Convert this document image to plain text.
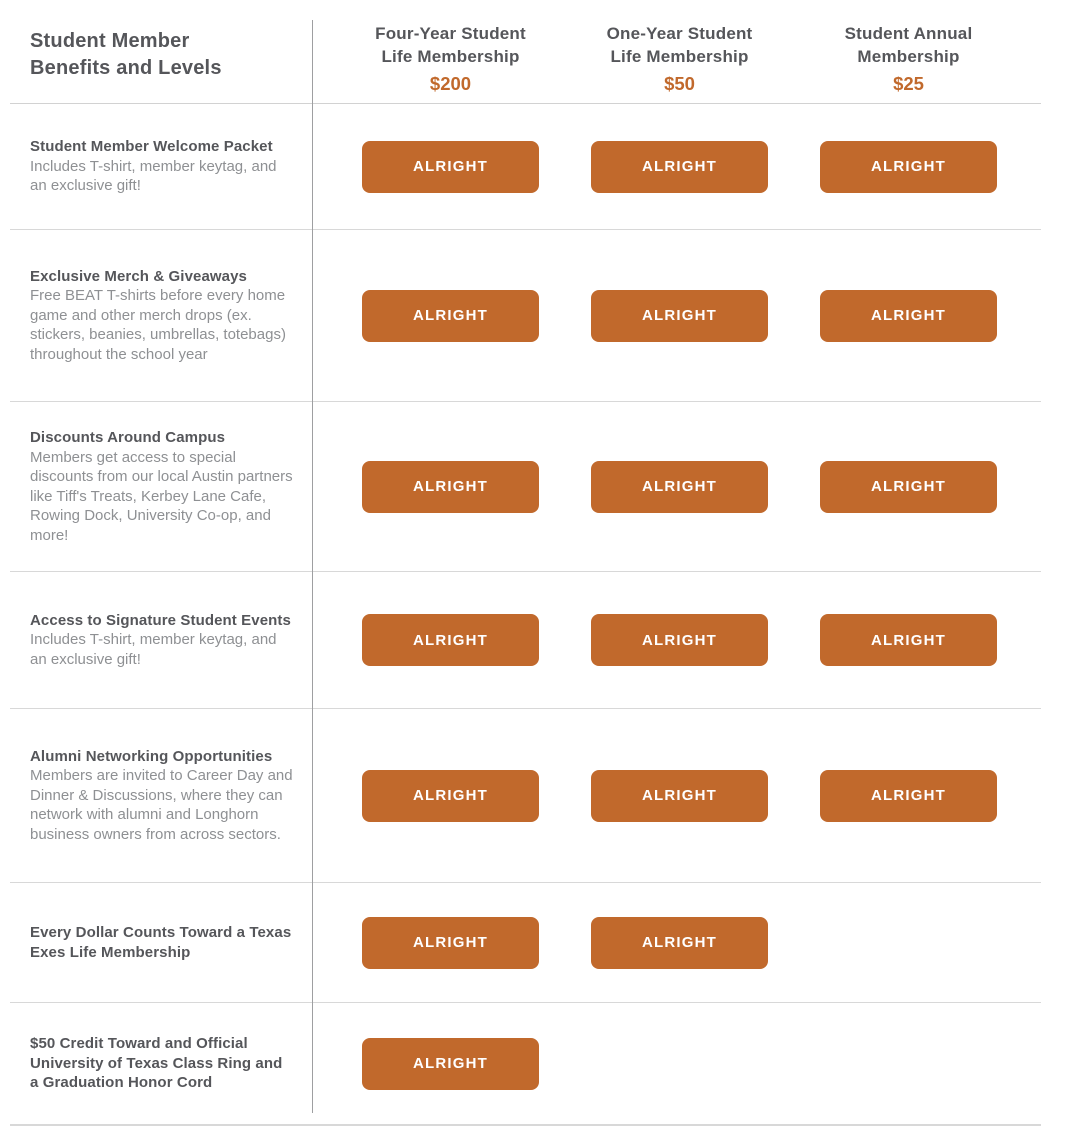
Student Member
Benefits and Levels
Four-Year Student
Life Membership
$200
One-Year Student
Life Membership
$50
Student Annual
Membership
$25
Student Member Welcome Packet
Includes T-shirt, member keytag, and an exclusive gift!
ALRIGHT	ALRIGHT	ALRIGHT
Exclusive Merch & Giveaways
Free BEAT T-shirts before every home game and other merch drops (ex. stickers, beanies, umbrellas, totebags) throughout the school year
ALRIGHT	ALRIGHT	ALRIGHT
Discounts Around Campus
Members get access to special discounts from our local Austin partners like Tiff's Treats, Kerbey Lane Cafe, Rowing Dock, University Co-op, and more!
ALRIGHT	ALRIGHT	ALRIGHT
Access to Signature Student Events
Includes T-shirt, member keytag, and an exclusive gift!
ALRIGHT	ALRIGHT	ALRIGHT
Alumni Networking Opportunities
Members are invited to Career Day and Dinner & Discussions, where they can network with alumni and Longhorn business owners from across sectors.
ALRIGHT	ALRIGHT	ALRIGHT
Every Dollar Counts Toward a Texas Exes Life Membership
ALRIGHT	ALRIGHT
$50 Credit Toward and Official University of Texas Class Ring and a Graduation Honor Cord
ALRIGHT
